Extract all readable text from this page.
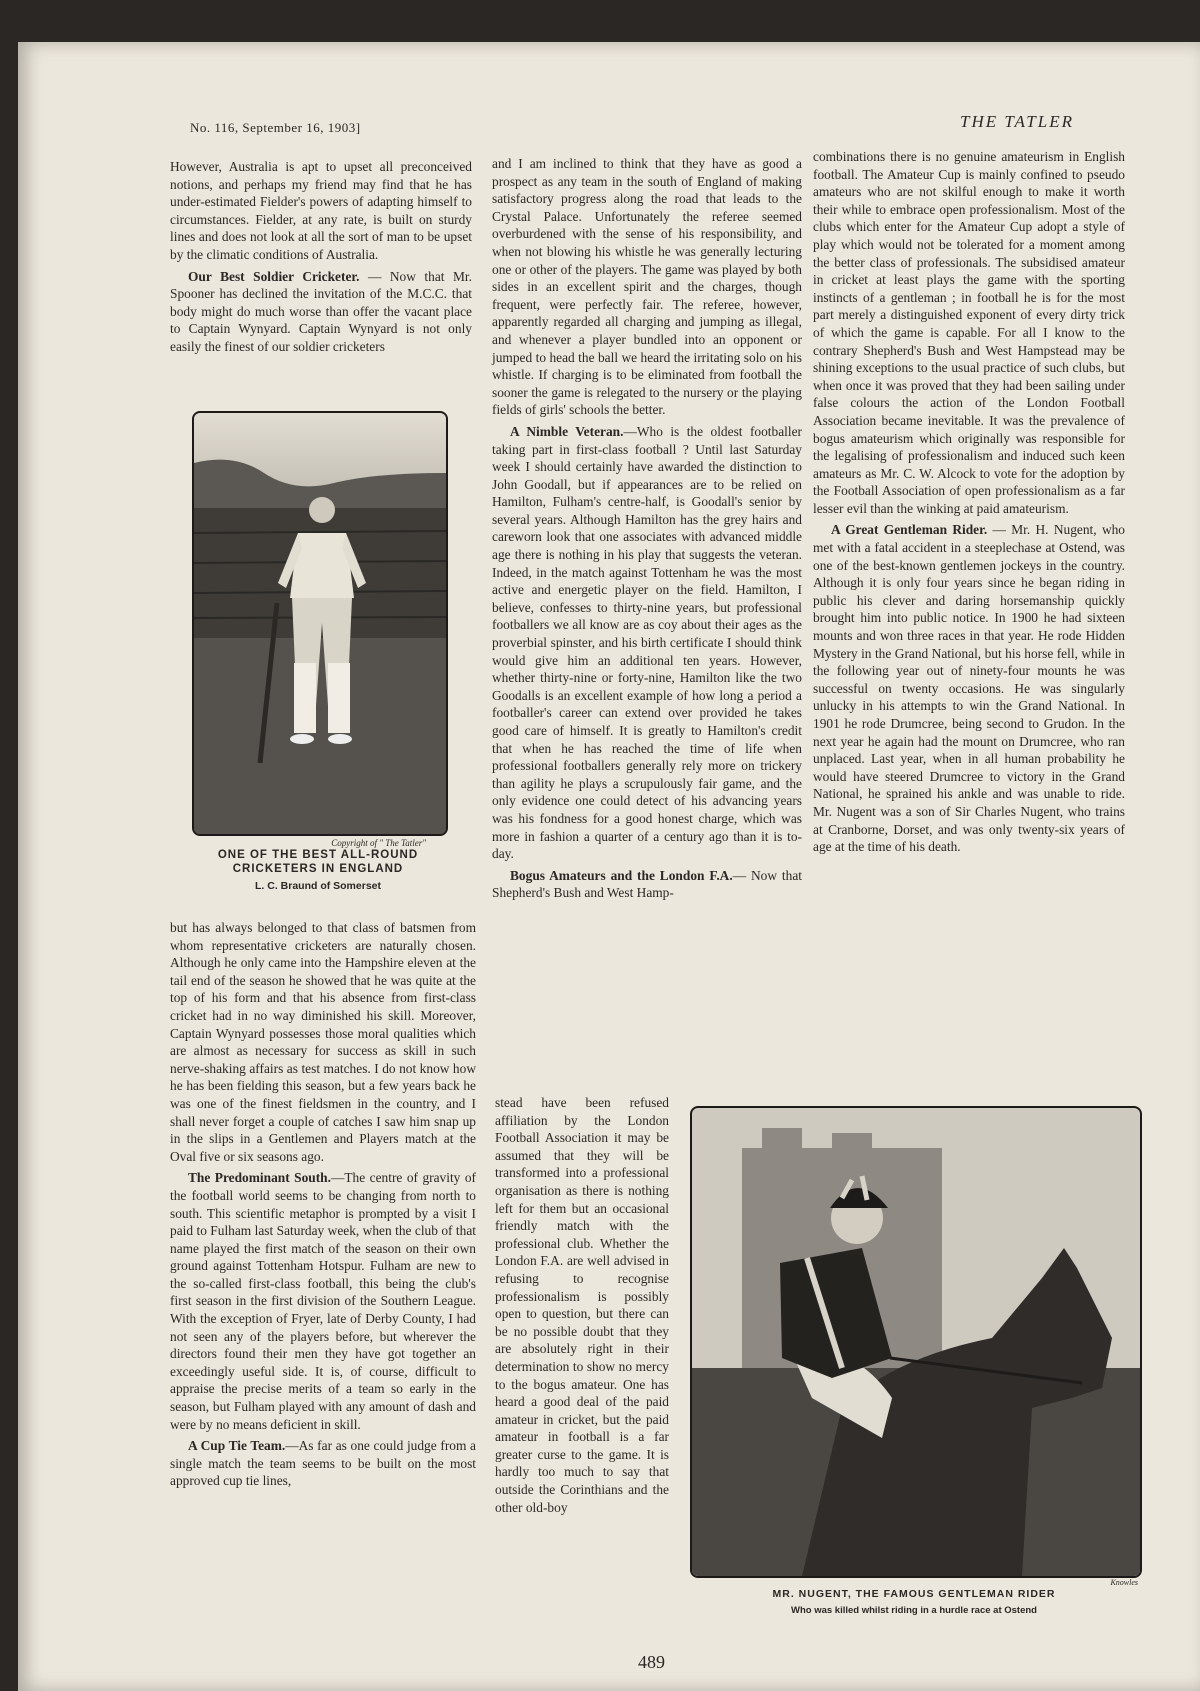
No. 116, September 16, 1903]	THE TATLER

However, Australia is apt to upset all preconceived notions, and perhaps my friend may find that he has under-estimated Fielder's powers of adapting himself to circumstances. Fielder, at any rate, is built on sturdy lines and does not look at all the sort of man to be upset by the climatic conditions of Australia.

Our Best Soldier Cricketer. — Now that Mr. Spooner has declined the invitation of the M.C.C. that body might do much worse than offer the vacant place to Captain Wynyard. Captain Wynyard is not only easily the finest of our soldier cricketers

Copyright of " The Tatler"
ONE OF THE BEST ALL-ROUND CRICKETERS IN ENGLAND
L. C. Braund of Somerset

but has always belonged to that class of batsmen from whom representative cricketers are naturally chosen. Although he only came into the Hampshire eleven at the tail end of the season he showed that he was quite at the top of his form and that his absence from first-class cricket had in no way diminished his skill. Moreover, Captain Wynyard possesses those moral qualities which are almost as necessary for success as skill in such nerve-shaking affairs as test matches. I do not know how he has been fielding this season, but a few years back he was one of the finest fieldsmen in the country, and I shall never forget a couple of catches I saw him snap up in the slips in a Gentlemen and Players match at the Oval five or six seasons ago.

The Predominant South.—The centre of gravity of the football world seems to be changing from north to south. This scientific metaphor is prompted by a visit I paid to Fulham last Saturday week, when the club of that name played the first match of the season on their own ground against Tottenham Hotspur. Fulham are new to the so-called first-class football, this being the club's first season in the first division of the Southern League. With the exception of Fryer, late of Derby County, I had not seen any of the players before, but wherever the directors found their men they have got together an exceedingly useful side. It is, of course, difficult to appraise the precise merits of a team so early in the season, but Fulham played with any amount of dash and were by no means deficient in skill.

A Cup Tie Team.—As far as one could judge from a single match the team seems to be built on the most approved cup tie lines,

and I am inclined to think that they have as good a prospect as any team in the south of England of making satisfactory progress along the road that leads to the Crystal Palace. Unfortunately the referee seemed overburdened with the sense of his responsibility, and when not blowing his whistle he was generally lecturing one or other of the players. The game was played by both sides in an excellent spirit and the charges, though frequent, were perfectly fair. The referee, however, apparently regarded all charging and jumping as illegal, and whenever a player bundled into an opponent or jumped to head the ball we heard the irritating solo on his whistle. If charging is to be eliminated from football the sooner the game is relegated to the nursery or the playing fields of girls' schools the better.

A Nimble Veteran.—Who is the oldest footballer taking part in first-class football ? Until last Saturday week I should certainly have awarded the distinction to John Goodall, but if appearances are to be relied on Hamilton, Fulham's centre-half, is Goodall's senior by several years. Although Hamilton has the grey hairs and careworn look that one associates with advanced middle age there is nothing in his play that suggests the veteran. Indeed, in the match against Tottenham he was the most active and energetic player on the field. Hamilton, I believe, confesses to thirty-nine years, but professional footballers we all know are as coy about their ages as the proverbial spinster, and his birth certificate I should think would give him an additional ten years. However, whether thirty-nine or forty-nine, Hamilton like the two Goodalls is an excellent example of how long a period a footballer's career can extend over provided he takes good care of himself. It is greatly to Hamilton's credit that when he has reached the time of life when professional footballers generally rely more on trickery than agility he plays a scrupulously fair game, and the only evidence one could detect of his advancing years was his fondness for a good honest charge, which was more in fashion a quarter of a century ago than it is to-day.

Bogus Amateurs and the London F.A.— Now that Shepherd's Bush and West Hamp-

stead have been refused affiliation by the London Football Association it may be assumed that they will be transformed into a professional organisation as there is nothing left for them but an occasional friendly match with the professional club. Whether the London F.A. are well advised in refusing to recognise professionalism is possibly open to question, but there can be no possible doubt that they are absolutely right in their determination to show no mercy to the bogus amateur. One has heard a good deal of the paid amateur in cricket, but the paid amateur in football is a far greater curse to the game. It is hardly too much to say that outside the Corinthians and the other old-boy

combinations there is no genuine amateurism in English football. The Amateur Cup is mainly confined to pseudo amateurs who are not skilful enough to make it worth their while to embrace open professionalism. Most of the clubs which enter for the Amateur Cup adopt a style of play which would not be tolerated for a moment among the better class of professionals. The subsidised amateur in cricket at least plays the game with the sporting instincts of a gentleman ; in football he is for the most part merely a distinguished exponent of every dirty trick of which the game is capable. For all I know to the contrary Shepherd's Bush and West Hampstead may be shining exceptions to the usual practice of such clubs, but when once it was proved that they had been sailing under false colours the action of the London Football Association became inevitable. It was the prevalence of bogus amateurism which originally was responsible for the legalising of professionalism and induced such keen amateurs as Mr. C. W. Alcock to vote for the adoption by the Football Association of open professionalism as a far lesser evil than the winking at paid amateurism.

A Great Gentleman Rider. — Mr. H. Nugent, who met with a fatal accident in a steeplechase at Ostend, was one of the best-known gentlemen jockeys in the country. Although it is only four years since he began riding in public his clever and daring horsemanship quickly brought him into public notice. In 1900 he had sixteen mounts and won three races in that year. He rode Hidden Mystery in the Grand National, but his horse fell, while in the following year out of ninety-four mounts he was successful on twenty occasions. He was singularly unlucky in his attempts to win the Grand National. In 1901 he rode Drumcree, being second to Grudon. In the next year he again had the mount on Drumcree, who ran unplaced. Last year, when in all human probability he would have steered Drumcree to victory in the Grand National, he sprained his ankle and was unable to ride. Mr. Nugent was a son of Sir Charles Nugent, who trains at Cranborne, Dorset, and was only twenty-six years of age at the time of his death.

Knowles
MR. NUGENT, THE FAMOUS GENTLEMAN RIDER
Who was killed whilst riding in a hurdle race at Ostend
489
